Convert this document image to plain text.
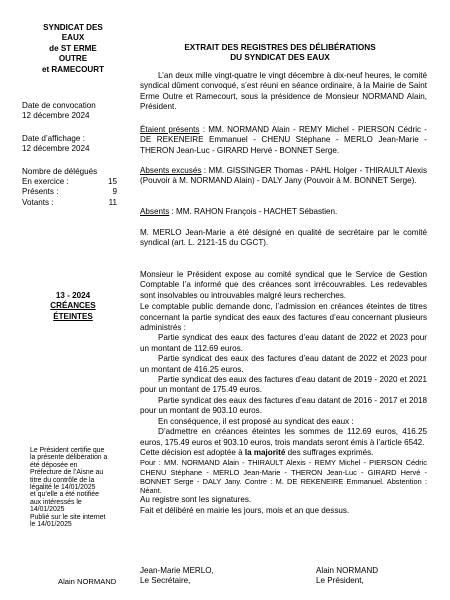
SYNDICAT DES
EAUX
de ST ERME
OUTRE
et RAMECOURT
EXTRAIT DES REGISTRES DES DÉLIBÉRATIONS
DU SYNDICAT DES EAUX
Date de convocation
12 décembre 2024
Date d’affichage :
12 décembre 2024
Nombre de délégués
En exercice :	15
Présents :	9
Votants :	11
13 - 2024
CRÉANCES
ÉTEINTES
Le Président certifie que
la présente délibération a
été déposée en
Préfecture de l’Aisne au
titre du contrôle de la
légalité le 14/01/2025
et qu’elle a été notifiée
aux intéressés le
14/01/2025
Publié sur le site internet
le 14/01/2025
Alain NORMAND

L’an deux mille vingt-quatre le vingt décembre à dix-neuf heures, le comité syndical dûment convoqué, s’est réuni en séance ordinaire, à la Mairie de Saint Erme Outre et Ramecourt, sous la présidence de Monsieur NORMAND Alain, Président.

Étaient présents : MM. NORMAND Alain - REMY Michel - PIERSON Cédric - DE REKENEIRE Emmanuel - CHENU Stéphane - MERLO Jean-Marie - THERON Jean-Luc - GIRARD Hervé - BONNET Serge.

Absents excusés : MM. GISSINGER Thomas - PAHL Holger - THIRAULT Alexis (Pouvoir à M. NORMAND Alain) - DALY Jany (Pouvoir à M. BONNET Serge).

Absents : MM. RAHON François - HACHET Sébastien.

M. MERLO Jean-Marie a été désigné en qualité de secrétaire par le comité syndical (art. L. 2121-15 du CGCT).

Monsieur le Président expose au comité syndical que le Service de Gestion Comptable l’a informé que des créances sont irrécouvrables. Les redevables sont insolvables ou introuvables malgré leurs recherches.

Le comptable public demande donc, l’admission en créances éteintes de titres concernant la partie syndicat des eaux des factures d’eau concernant plusieurs administrés :

Partie syndicat des eaux des factures d’eau datant de 2022 et 2023 pour un montant de 112.69 euros.

Partie syndicat des eaux des factures d’eau datant de 2022 et 2023 pour un montant de 416.25 euros.

Partie syndicat des eaux des factures d’eau datant de 2019 - 2020 et 2021 pour un montant de 175.49 euros.

Partie syndicat des eaux des factures d’eau datant de 2016 - 2017 et 2018 pour un montant de 903.10 euros.

En conséquence, il est proposé au syndicat des eaux :

D’admettre en créances éteintes les sommes de 112.69 euros, 416.25 euros, 175.49 euros et 903.10 euros, trois mandats seront émis à l’article 6542.

Cette décision est adoptée à la majorité des suffrages exprimés.

Pour : MM. NORMAND Alain - THIRAULT Alexis - REMY Michel - PIERSON Cédric CHENU Stéphane - MERLO Jean-Marie - THERON Jean-Luc - GIRARD Hervé - BONNET Serge - DALY Jany. Contre : M. DE REKENEIRE Emmanuel. Abstention : Néant.

Au registre sont les signatures.

Fait et délibéré en mairie les jours, mois et an que dessus.

Jean-Marie MERLO,
Le Secrétaire,
Alain NORMAND
Le Président,
